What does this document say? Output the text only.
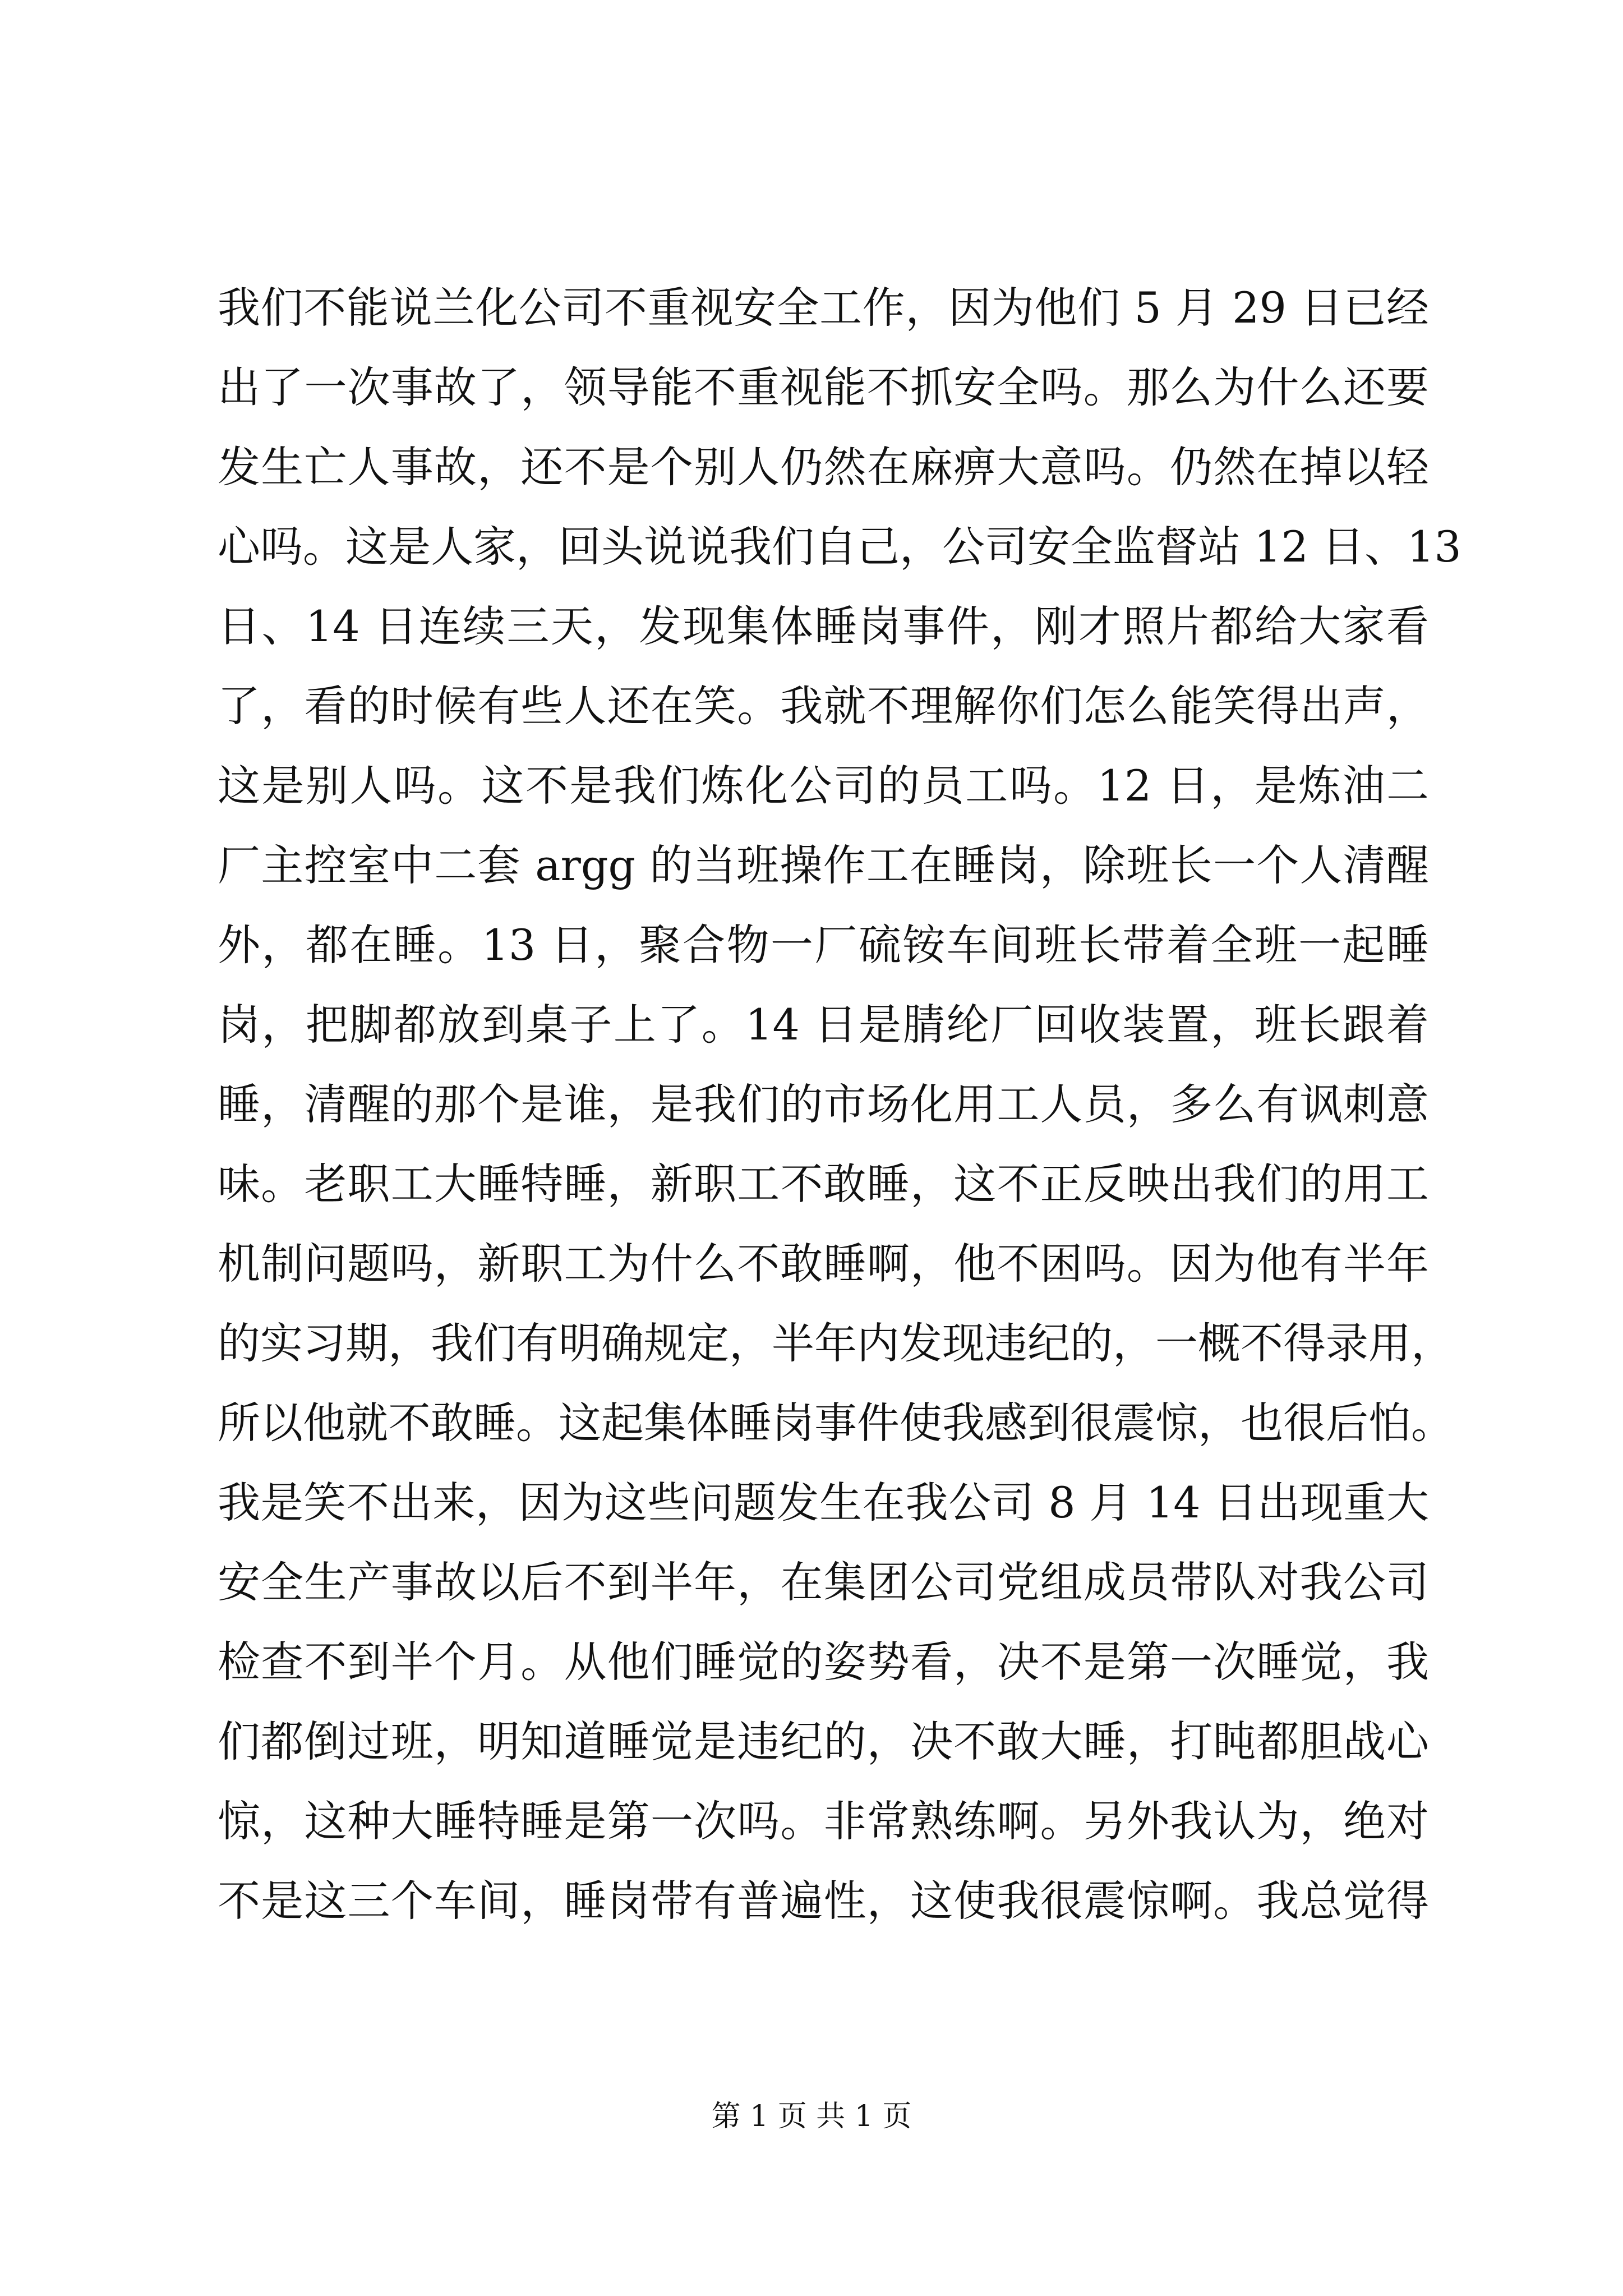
我们不能说兰化公司不重视安全工作，因为他们 5 月 29 日已经
出了一次事故了，领导能不重视能不抓安全吗。那么为什么还要
发生亡人事故，还不是个别人仍然在麻痹大意吗。仍然在掉以轻
心吗。这是人家，回头说说我们自己，公司安全监督站 12 日、13
日、14 日连续三天，发现集体睡岗事件，刚才照片都给大家看
了，看的时候有些人还在笑。我就不理解你们怎么能笑得出声，
这是别人吗。这不是我们炼化公司的员工吗。12 日，是炼油二
厂主控室中二套 argg 的当班操作工在睡岗，除班长一个人清醒
外，都在睡。13 日，聚合物一厂硫铵车间班长带着全班一起睡
岗，把脚都放到桌子上了。14 日是腈纶厂回收装置，班长跟着
睡，清醒的那个是谁，是我们的市场化用工人员，多么有讽刺意
味。老职工大睡特睡，新职工不敢睡，这不正反映出我们的用工
机制问题吗，新职工为什么不敢睡啊，他不困吗。因为他有半年
的实习期，我们有明确规定，半年内发现违纪的，一概不得录用，
所以他就不敢睡。这起集体睡岗事件使我感到很震惊，也很后怕。
我是笑不出来，因为这些问题发生在我公司 8 月 14 日出现重大
安全生产事故以后不到半年，在集团公司党组成员带队对我公司
检查不到半个月。从他们睡觉的姿势看，决不是第一次睡觉，我
们都倒过班，明知道睡觉是违纪的，决不敢大睡，打盹都胆战心
惊，这种大睡特睡是第一次吗。非常熟练啊。另外我认为，绝对
不是这三个车间，睡岗带有普遍性，这使我很震惊啊。我总觉得
第 1 页 共 1 页
